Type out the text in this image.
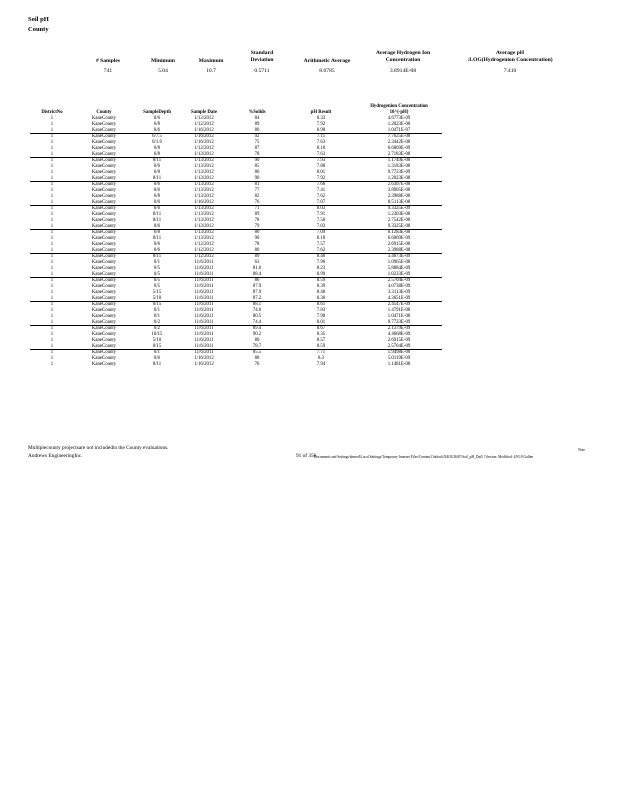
Soil pH
County
# Samples	Minimum	Maximum
Standard
Deviation	Arithmetic Average
Average Hydrogen Ion
Concentration
Average pH
:LOG(Hydrogenion Concentration)
741	5.04	10.7	0.5711	8.0785	3.8914E-08	7.410
DistrictNo	County	SampleDepth	Sample Date	%Solids	pH Result	Hydrogenion Concentration
10^(-pH)
1	KaneCounty	0/6	1/12/2012	84	8.33	4.6773E-09
1	KaneCounty	6/8	1/12/2012	89	7.92	1.2023E-08
1	KaneCounty	0/6	1/16/2012	80	6.98	1.0471E-07
1	KaneCounty	6/7.5	1/16/2012	92	7.11	7.7625E-08
1	KaneCounty	0/1.6	1/16/2012	75	7.63	2.3442E-08
1	KaneCounty	6/8	1/12/2012	87	8.18	6.6069E-09
1	KaneCounty	6/8	1/13/2012	78	7.63	2.7183E-08
1	KaneCounty	8/11	1/13/2012	90	7.93	1.1749E-08
1	KaneCounty	0/6	1/13/2012	85	7.88	1.3183E-08
1	KaneCounty	6/8	1/13/2012	86	8.01	9.7723E-09
1	KaneCounty	8/11	1/13/2012	90	7.92	1.2023E-08
1	KaneCounty	0/6	1/13/2012	81	7.66	2.6307E-08
1	KaneCounty	0/6	1/13/2012	77	7.41	3.8905E-08
1	KaneCounty	6/8	1/13/2012	82	7.62	2.3988E-08
1	KaneCounty	0/6	1/16/2012	76	7.07	8.5113E-08
1	KaneCounty	0/6	1/13/2012	71	8.03	9.3325E-09
1	KaneCounty	8/11	1/13/2012	89	7.91	1.2303E-08
1	KaneCounty	8/11	1/13/2012	78	7.56	2.7542E-08
1	KaneCounty	0/6	1/13/2012	79	7.03	9.3325E-08
1	KaneCounty	6/8	1/13/2012	80	7.09	8.1283E-08
1	KaneCounty	8/11	1/13/2012	90	8.18	6.6069E-09
1	KaneCounty	0/6	1/12/2012	78	7.57	2.6915E-08
1	KaneCounty	0/6	1/12/2012	80	7.62	2.3988E-08
1	KaneCounty	8/11	1/12/2012	89	8.46	3.4673E-09
1	KaneCounty	0/1	11/6/2011	63	7.96	1.0965E-08
1	KaneCounty	0/5	11/6/2011	81.6	8.23	5.8884E-09
1	KaneCounty	0/5	11/6/2011	88.4	8.99	1.0233E-09
1	KaneCounty	0/5	11/6/2011	86	8.59	2.5704E-09
1	KaneCounty	0/5	11/6/2011	87.9	8.39	4.0738E-09
1	KaneCounty	5/15	11/6/2011	87.9	8.48	3.3113E-09
1	KaneCounty	5/10	11/6/2011	87.2	8.36	4.3651E-09
1	KaneCounty	0/15	11/6/2011	88.1	8.61	2.4547E-09
1	KaneCounty	0/1	11/6/2011	74.6	7.83	1.4791E-08
1	KaneCounty	0/1	11/6/2011	80.5	7.98	1.0471E-08
1	KaneCounty	0/2	11/6/2011	74.4	8.01	9.7723E-09
1	KaneCounty	0/2	11/6/2011	89.4	8.67	2.1379E-09
1	KaneCounty	10/15	11/6/2011	90.2	8.35	4.4668E-09
1	KaneCounty	5/10	11/6/2011	80	8.57	2.6915E-09
1	KaneCounty	0/15	11/6/2011	78.7	8.59	2.5704E-09
1	KaneCounty	0/1	11/6/2011	85.5	7.71	1.9498E-08
1	KaneCounty	0/6	1/16/2012	88	8.3	5.0119E-09
1	KaneCounty	8/11	1/16/2012	76	7.94	1.1481E-08
Multiplecounty projectsare not includedin the County evaluations.
Andrews EngineeringInc.	91 of 356
Note
Documents and Settings\ahmed\Local Settings\Temporary Internet Files\Content.Outlook\N4OGJ6AT\Soil_pH_Dat5 | Version: Modified: 4/8/10 Gallen
